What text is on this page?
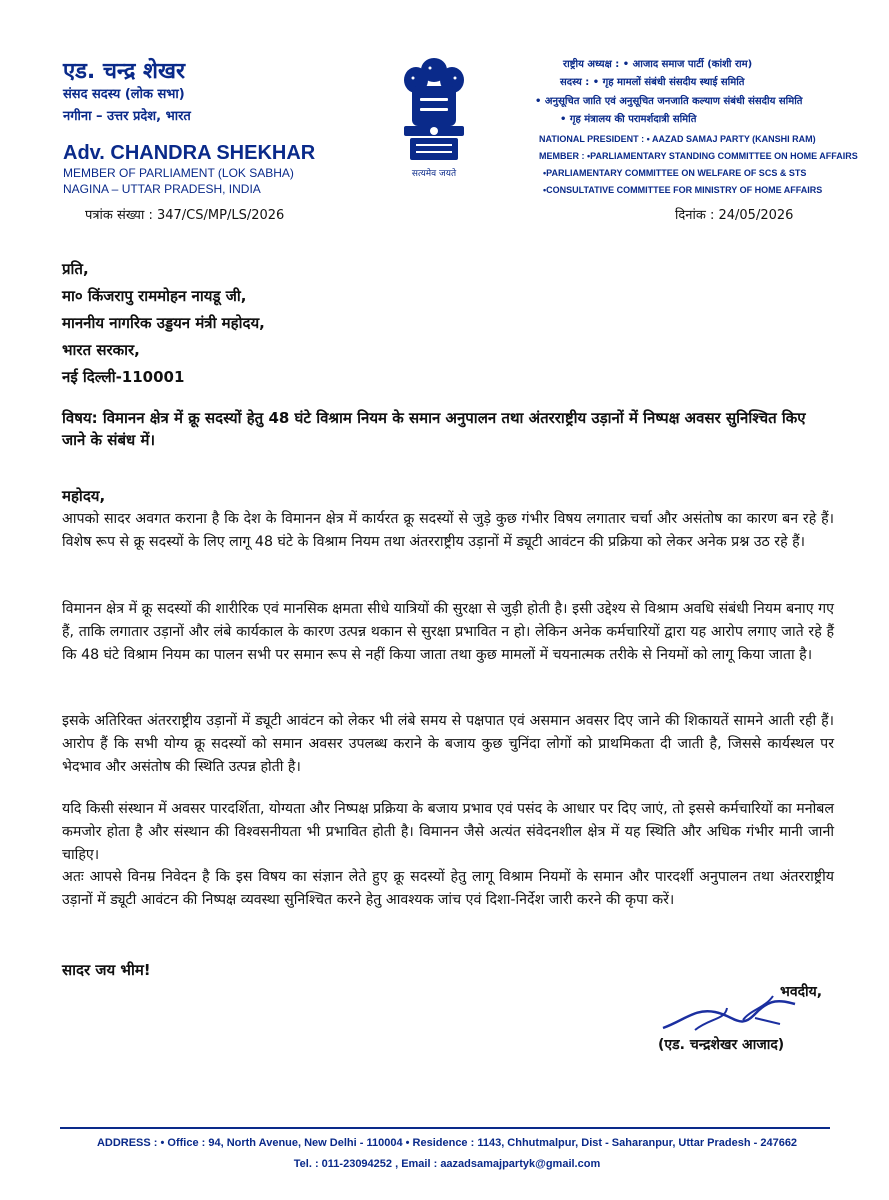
एड. चन्द्र शेखर
संसद सदस्य (लोक सभा)
नगीना – उत्तर प्रदेश, भारत
Adv. CHANDRA SHEKHAR
MEMBER OF PARLIAMENT (LOK SABHA)
NAGINA – UTTAR PRADESH, INDIA
सत्यमेव जयते
राष्ट्रीय अध्यक्ष : • आजाद समाज पार्टी (कांशी राम)
सदस्य : • गृह मामलों संबंधी संसदीय स्थाई समिति
• अनुसूचित जाति एवं अनुसूचित जनजाति कल्याण संबंधी संसदीय समिति
• गृह मंत्रालय की परामर्शदात्री समिति
NATIONAL PRESIDENT : • AAZAD SAMAJ PARTY (KANSHI RAM)
MEMBER : •PARLIAMENTARY STANDING COMMITTEE ON HOME AFFAIRS
•PARLIAMENTARY COMMITTEE ON WELFARE OF SCS & STS
•CONSULTATIVE COMMITTEE FOR MINISTRY OF HOME AFFAIRS
पत्रांक संख्या : 347/CS/MP/LS/2026	दिनांक : 24/05/2026
प्रति,
मा० किंजरापु राममोहन नायडू जी,
माननीय नागरिक उड्डयन मंत्री महोदय,
भारत सरकार,
नई दिल्ली-110001
विषय: विमानन क्षेत्र में क्रू सदस्यों हेतु 48 घंटे विश्राम नियम के समान अनुपालन तथा अंतरराष्ट्रीय उड़ानों में निष्पक्ष अवसर सुनिश्चित किए जाने के संबंध में।
महोदय,
आपको सादर अवगत कराना है कि देश के विमानन क्षेत्र में कार्यरत क्रू सदस्यों से जुड़े कुछ गंभीर विषय लगातार चर्चा और असंतोष का कारण बन रहे हैं। विशेष रूप से क्रू सदस्यों के लिए लागू 48 घंटे के विश्राम नियम तथा अंतरराष्ट्रीय उड़ानों में ड्यूटी आवंटन की प्रक्रिया को लेकर अनेक प्रश्न उठ रहे हैं।
विमानन क्षेत्र में क्रू सदस्यों की शारीरिक एवं मानसिक क्षमता सीधे यात्रियों की सुरक्षा से जुड़ी होती है। इसी उद्देश्य से विश्राम अवधि संबंधी नियम बनाए गए हैं, ताकि लगातार उड़ानों और लंबे कार्यकाल के कारण उत्पन्न थकान से सुरक्षा प्रभावित न हो। लेकिन अनेक कर्मचारियों द्वारा यह आरोप लगाए जाते रहे हैं कि 48 घंटे विश्राम नियम का पालन सभी पर समान रूप से नहीं किया जाता तथा कुछ मामलों में चयनात्मक तरीके से नियमों को लागू किया जाता है।
इसके अतिरिक्त अंतरराष्ट्रीय उड़ानों में ड्यूटी आवंटन को लेकर भी लंबे समय से पक्षपात एवं असमान अवसर दिए जाने की शिकायतें सामने आती रही हैं। आरोप हैं कि सभी योग्य क्रू सदस्यों को समान अवसर उपलब्ध कराने के बजाय कुछ चुनिंदा लोगों को प्राथमिकता दी जाती है, जिससे कार्यस्थल पर भेदभाव और असंतोष की स्थिति उत्पन्न होती है।
यदि किसी संस्थान में अवसर पारदर्शिता, योग्यता और निष्पक्ष प्रक्रिया के बजाय प्रभाव एवं पसंद के आधार पर दिए जाएं, तो इससे कर्मचारियों का मनोबल कमजोर होता है और संस्थान की विश्वसनीयता भी प्रभावित होती है। विमानन जैसे अत्यंत संवेदनशील क्षेत्र में यह स्थिति और अधिक गंभीर मानी जानी चाहिए।
अतः आपसे विनम्र निवेदन है कि इस विषय का संज्ञान लेते हुए क्रू सदस्यों हेतु लागू विश्राम नियमों के समान और पारदर्शी अनुपालन तथा अंतरराष्ट्रीय उड़ानों में ड्यूटी आवंटन की निष्पक्ष व्यवस्था सुनिश्चित करने हेतु आवश्यक जांच एवं दिशा-निर्देश जारी करने की कृपा करें।
सादर जय भीम!
भवदीय,
(एड. चन्द्रशेखर आजाद)
ADDRESS : • Office : 94, North Avenue, New Delhi - 110004 • Residence : 1143, Chhutmalpur, Dist - Saharanpur, Uttar Pradesh - 247662
Tel. : 011-23094252 , Email : aazadsamajpartyk@gmail.com
